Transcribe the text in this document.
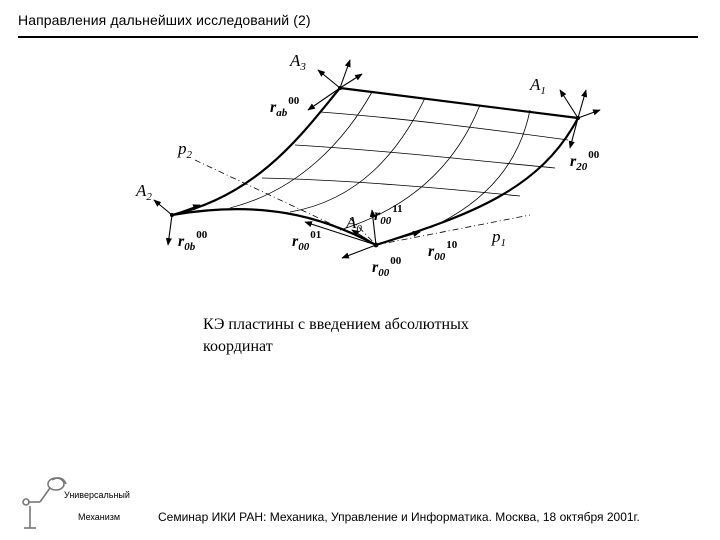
Направления дальнейших исследований (2)
$A_3$
$A_1$
$A_2$
$A_0$
$p_2$
$p_1$
$r_{ab}^{00}$
$r_{20}^{00}$
$r_{0b}^{00}$	$r_{00}^{01}$
$r_{00}^{11}$
$r_{00}^{00}$
$r_{00}^{10}$
КЭ пластины с введением абсолютных
координат
Универсальный
Механизм	Семинар ИКИ РАН: Механика, Управление и Информатика. Москва, 18 октября 2001г.
